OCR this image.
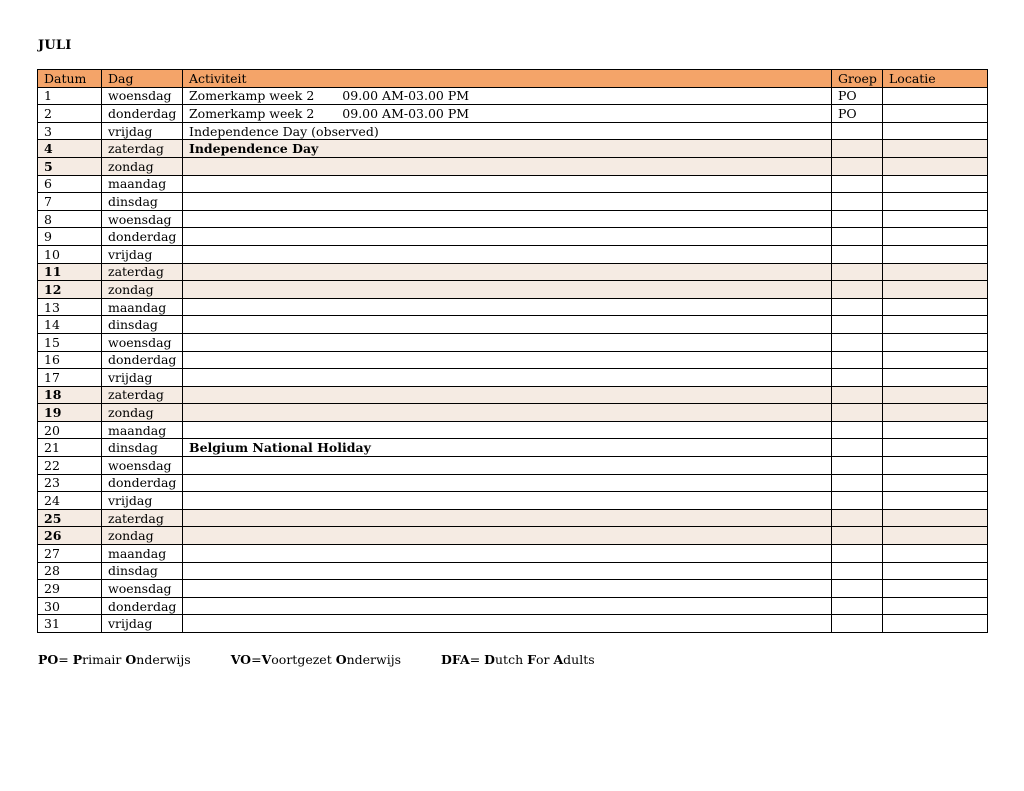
JULI
Datum	Dag	Activiteit	Groep	Locatie
1	woensdag	Zomerkamp week 2 09.00 AM-03.00 PM	PO	
2	donderdag	Zomerkamp week 2 09.00 AM-03.00 PM	PO	
3	vrijdag	Independence Day (observed)		
4	zaterdag	Independence Day		
5	zondag			
6	maandag			
7	dinsdag			
8	woensdag			
9	donderdag			
10	vrijdag			
11	zaterdag			
12	zondag			
13	maandag			
14	dinsdag			
15	woensdag			
16	donderdag			
17	vrijdag			
18	zaterdag			
19	zondag			
20	maandag			
21	dinsdag	Belgium National Holiday		
22	woensdag			
23	donderdag			
24	vrijdag			
25	zaterdag			
26	zondag			
27	maandag			
28	dinsdag			
29	woensdag			
30	donderdag			
31	vrijdag			
PO= Primair Onderwijs	VO=Voortgezet Onderwijs	DFA= Dutch For Adults
